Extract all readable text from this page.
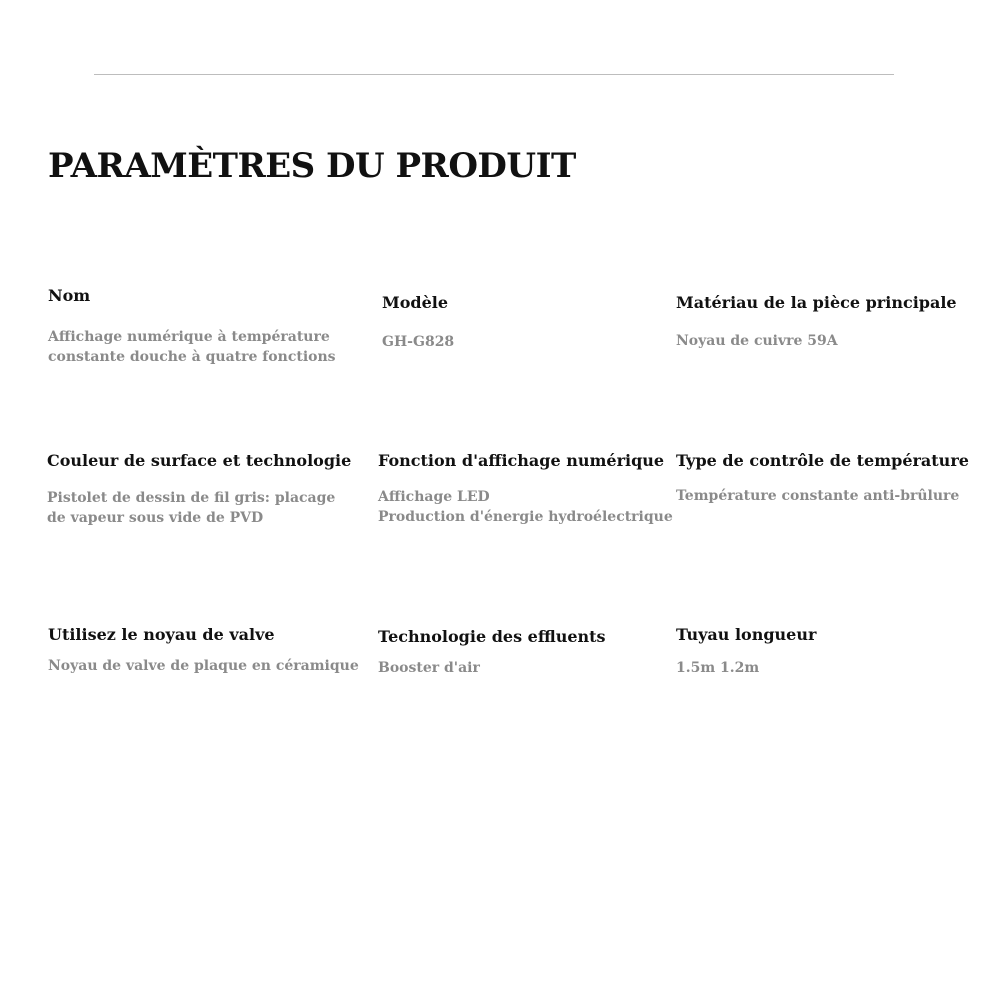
PARAMÈTRES DU PRODUIT
Nom
Affichage numérique à température
constante douche à quatre fonctions
Modèle
GH-G828
Matériau de la pièce principale
Noyau de cuivre 59A
Couleur de surface et technologie
Pistolet de dessin de fil gris: placage
de vapeur sous vide de PVD
Fonction d'affichage numérique
Affichage LED
Production d'énergie hydroélectrique
Type de contrôle de température
Température constante anti-brûlure
Utilisez le noyau de valve
Noyau de valve de plaque en céramique
Technologie des effluents
Booster d'air
Tuyau longueur
1.5m 1.2m
